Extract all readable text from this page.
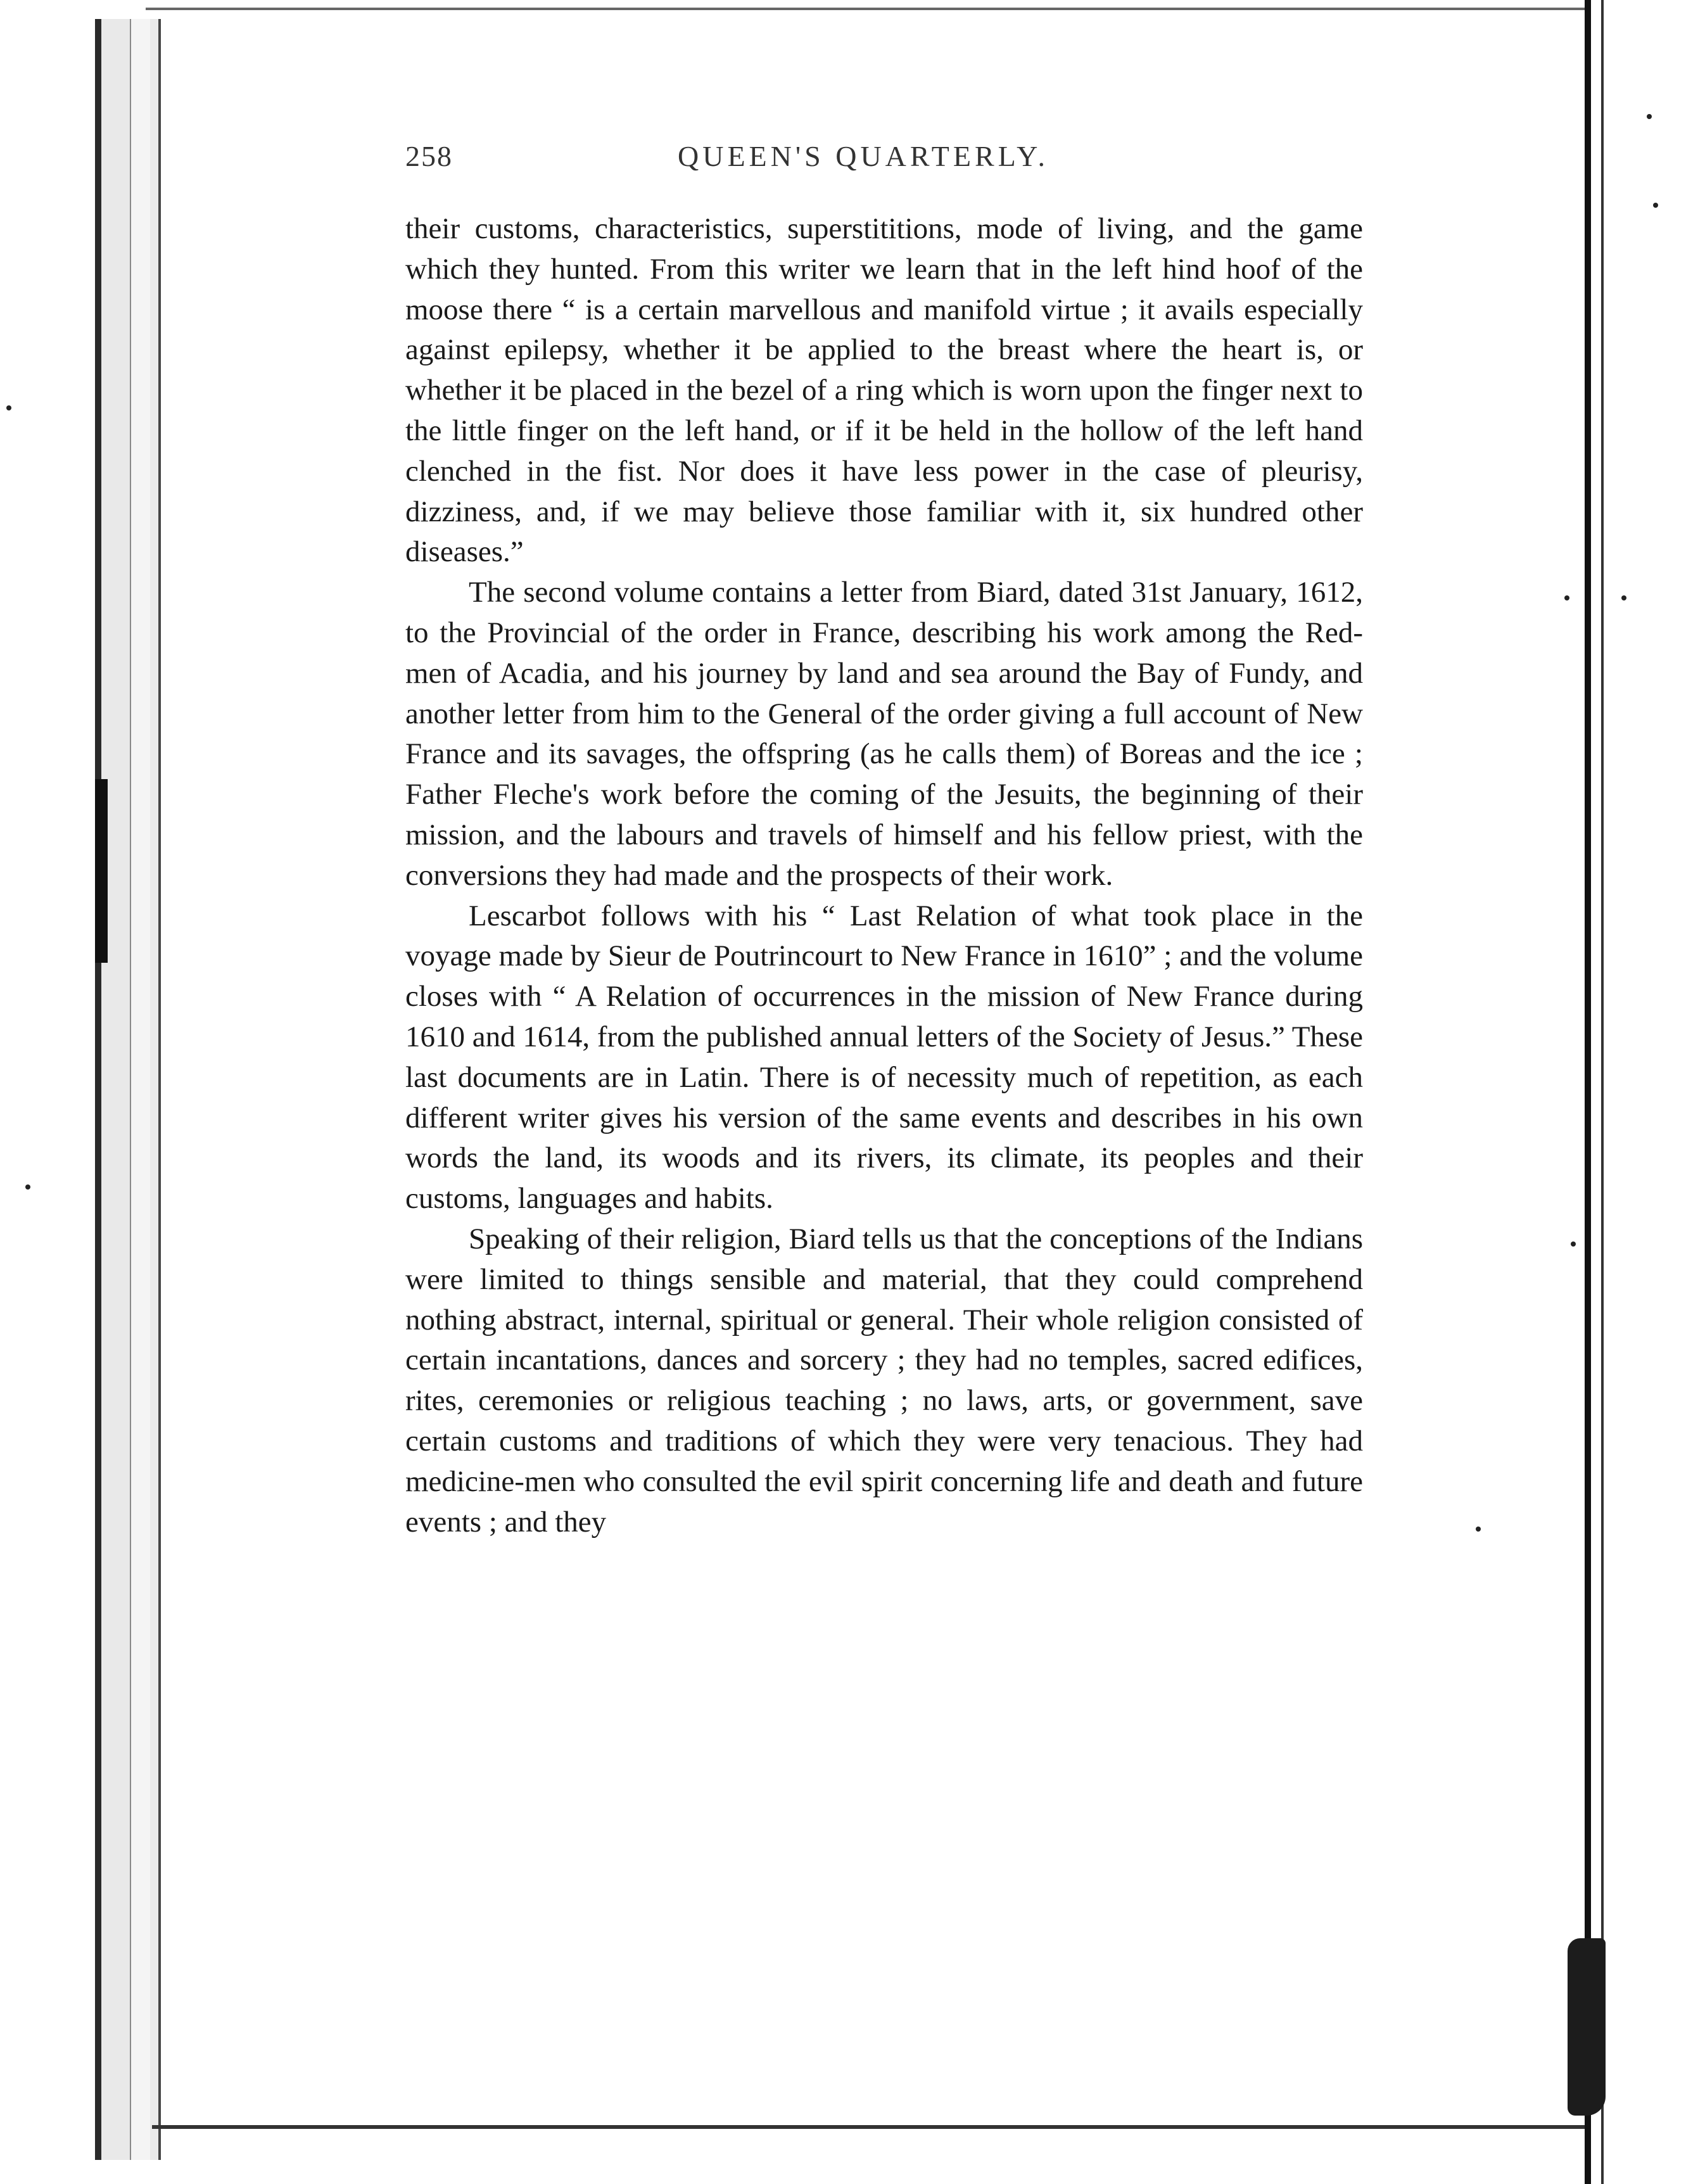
258	QUEEN'S QUARTERLY.

their customs, characteristics, superstititions, mode of living, and the game which they hunted. From this writer we learn that in the left hind hoof of the moose there “ is a certain marvellous and manifold virtue ; it avails especially against epilepsy, whether it be applied to the breast where the heart is, or whether it be placed in the bezel of a ring which is worn upon the finger next to the little finger on the left hand, or if it be held in the hollow of the left hand clenched in the fist. Nor does it have less power in the case of pleurisy, dizziness, and, if we may believe those familiar with it, six hundred other diseases.”

The second volume contains a letter from Biard, dated 31st January, 1612, to the Provincial of the order in France, describing his work among the Red-men of Acadia, and his journey by land and sea around the Bay of Fundy, and another letter from him to the General of the order giving a full account of New France and its savages, the offspring (as he calls them) of Boreas and the ice ; Father Fleche's work before the coming of the Jesuits, the beginning of their mission, and the labours and travels of himself and his fellow priest, with the conversions they had made and the prospects of their work.

Lescarbot follows with his “ Last Relation of what took place in the voyage made by Sieur de Poutrincourt to New France in 1610” ; and the volume closes with “ A Relation of occurrences in the mission of New France during 1610 and 1614, from the published annual letters of the Society of Jesus.” These last documents are in Latin. There is of necessity much of repetition, as each different writer gives his version of the same events and describes in his own words the land, its woods and its rivers, its climate, its peoples and their customs, languages and habits.

Speaking of their religion, Biard tells us that the conceptions of the Indians were limited to things sensible and material, that they could comprehend nothing abstract, internal, spiritual or general. Their whole religion consisted of certain incantations, dances and sorcery ; they had no temples, sacred edifices, rites, ceremonies or religious teaching ; no laws, arts, or government, save certain customs and traditions of which they were very tenacious. They had medicine-men who consulted the evil spirit concerning life and death and future events ; and they
